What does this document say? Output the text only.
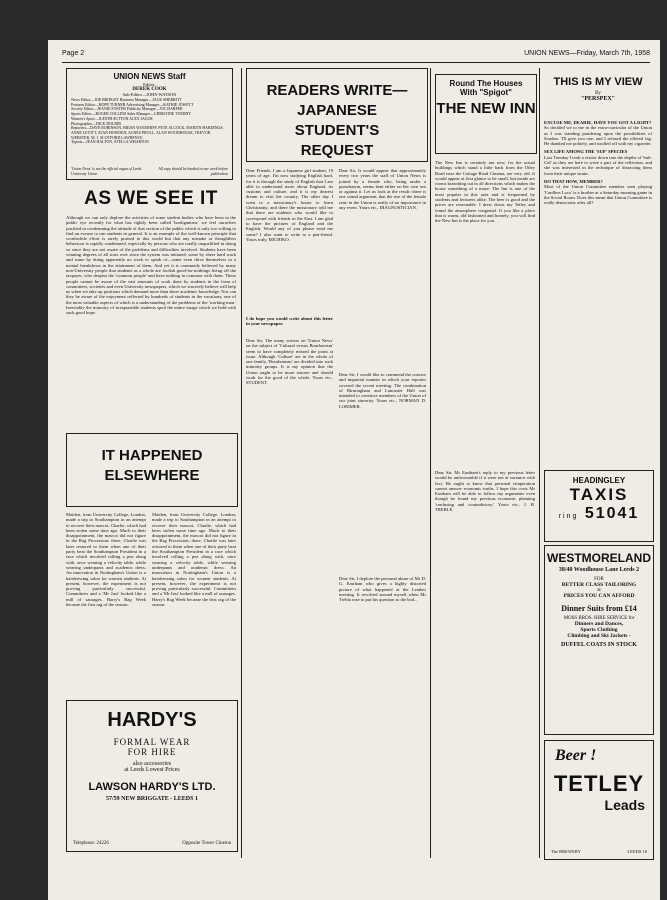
Page 2	UNION NEWS—Friday, March 7th, 1958
UNION NEWS Staff
Editor:
DEREK COOK
Sub-Editor—JOHN WATSON
News Editor—JOE BRIDGET Business Manager—JACK SHERBITT
Features Editor—HOPE TURNER Advertising Manager—KATHIE JOWETT
Society Editor—JEANIE FOSTER Publicity Manager—VIC HARPER
Sports Editor—ROGER COLLINS Sales Manager—CHRISTINE TWIDDY
Women's Sport—JUDITH SUTTON ALEX JAGOE
Photographer—DICK DOLBIB
Reporters—DAVE ROBINSON, BRIAN WOODHIFF, PETE ALCOCK, MARTIN HARDINGS, ANNE LEVITT, JOAN HOWDEN, AGNES PROLL, ALAN WOODHOUSE, TREVOR WEBSTER, M. J. SCOTFORD LAWRENCE.
Typists—JEAN HALTON, STELLA WHARTON
'Union News' is not the official organ of Leeds University Union
All copy should be handed in one week before publication
AS WE SEE IT
Although we can only deplore the activities of some student bodies who have been in the public eye recently for what has rightly been called 'hooliganism,' we feel ourselves justified in condemning the attitude of that section of the public which is only too willing to find an excuse to run students in general. It is an example of the well-known principle that worthwhile effort is rarely praised in this world but that any mistake or thoughtless behaviour is rapidly condemned, especially by persons who are totally unqualified in doing so since they are not aware of the problems and difficulties involved. Students have been winning degrees of all sorts over since the system was initiated; some by sheer hard work and some by doing apparently no work to speak of—some even drive themselves to a mental breakdown in the attainment of them. And yet it is commonly believed by many non-University people that students as a whole are foolish good-for-nothings living off the taxpayer, who despise the 'common people' and have nothing in common with them. These people cannot be aware of the vast amounts of work done by students in the form of committees, societies and even University newspapers, which we sincerely believe will help us when we take up positions which demand more than sheer academic knowledge. Nor can they be aware of the enjoyment reflected by hundreds of students in the vacations; one of the most valuable aspects of which is a understanding of the problems of the 'working man.' Inevitably the minority of irresponsible students spoil the entire image which we hold with such good hope.
IT HAPPENED ELSEWHERE
Maiden, from University College, London, made a trip to Southampton in an attempt to recover their mascot, Charlie, which had been stolen some time ago. Much to their disappointment, the mascot did not figure in the Rag Procession; there, Charlie was later restored to them when one of their party beat the Southampton President in a race which involved rolling a pea along with, once wearing a velocity table, while wearing underpants and academic dress. An innovation in Nottingham's Union is a hairdressing salon for women students. At present, however, the experiment is not proving particularly successful. Committees and a 'Mr Just' looked like a mill of sausages. Harry's Rag Week became the first rag of the season.
Maiden, from University College, London, made a trip to Southampton in an attempt to recover their mascot, Charlie, which had been stolen some time ago. Much to their disappointment, the mascot did not figure in the Rag Procession; there, Charlie was later restored to them when one of their party beat the Southampton President in a race which involved rolling a pea along with, once wearing a velocity table, while wearing underpants and academic dress. An innovation in Nottingham's Union is a hairdressing salon for women students. At present, however, the experiment is not proving particularly successful. Committees and a 'Mr Just' looked like a mill of sausages. Harry's Rag Week became the first rag of the season.
HARDY'S
FORMAL WEAR
FOR HIRE
also accessories
at Leeds Lowest Prices
LAWSON HARDY'S LTD.
57/59 NEW BRIGGATE - LEEDS 1
Telephone: 24226	Opposite Tower Cinema
READERS WRITE— JAPANESE STUDENT'S REQUEST
Dear Friends, I am a Japanese girl student, 19 years of age. I'm now studying English hard, for it is through the study of English that I am able to understand more about England, its customs and culture, and it is my dearest dream to visit the country. The other day I went to a missionary's house to learn Christianity, and there the missionary told me that there are students who would like to correspond with friends in the East. I am glad to have the pictures of England and the English. Would any of you please send me some? I also want to write to a pen-friend. Yours truly, MICHIKO.
I do hope you would write about this letter in your newspaper.
Dear Sir, The many writers on 'Union News' on the subject of 'Cultural versus Bourbonism' seem to have completely missed the point at issue. Although 'Culture' are in the whole of one family, 'Bourbonism' are divided into such minority groups. It is my opinion that the Union ought to be more sincere and should work for the good of the whole. Yours etc., STUDENT.
Dear Sir, It would appear that approximately every two years the staff of Union News is joined by a female who, being under a pseudonym, seems bent either on her own sex or against it. Let us look at the result: there is one sound argument, that the rise of the female ratio in the Union is really of no importance in any event. Yours etc., DIAGNOSTICIAN.
Dear Sir, I would like to commend the concise and impartial manner in which your reporter covered the recent meeting. The combination of Birmingham and Lancaster Hall was intended to convince members of the Union of our joint sincerity. Yours etc., NORMAN D. LORIMER.
Dear Sir, I deplore the personal abuse of Mr D. G. Eastham who gives a highly distorted picture of what happened at the Leather meeting. It revolved around myself when Mr Trebla rose to put his question to the bod...
Round The Houses
With "Spigot"
THE NEW INN
The New Inn is certainly not new, for the actual buildings which stand a little back from the Otley Road near the Cottage Road Cinema, are very old. It would appear at first glance to be small, but inside are rooms branching out in all directions which makes the house something of a maze. The Inn is one of the most popular in this area and is frequented by students and lecturers alike. The beer is good and the prices are reasonable. I drew down my Tetley and found the atmosphere congenial. If you like a place that is warm, old fashioned and homely, you will find the New Inn is the place for you.
Dear Sir, Mr Eastham's reply to my previous letter would be unfavourable if it were not at variance with fact. He ought to know that personal vituperation cannot answer economic truths. I hope this costs Mr Eastham will be able to follow my arguments even though he found my previous economic planning 'confusing and contradictory.' Yours etc., J. H. TREBLE.
THIS IS MY VIEW
By
"PERSPEX"
EXCUSE ME, DEARIE, HAVE YOU GOT A LIGHT?
So decided we to me in the extra-curricular of the Union as I was standing pondering upon the possibilities of Soudan. 'I'll give you one, and I refused the offered fag. He thanked me politely, and strolled off with my cigarette.
SEX LIFE AMONG THE 'SUP' SPECIES
Last Tuesday I took a visitor down into the depths of 'Sub-Cul' as they are here to write a part of the reflection, and she was interested in the technique of dissecting them from their unique strain.
DO THAT HOW, MEMBER?
Most of the Union Committee member seen playing 'Cardless Loco' is a brother at a Saturday morning game in the Social Room. Does this mean that Union Committee is really democratic after all?
HEADINGLEY
TAXIS
ring 51041
WESTMORELAND
38/40 Woodhouse Lane Leeds 2
FOR
BETTER CLASS TAILORING
at
PRICES YOU CAN AFFORD
Dinner Suits from £14
MOSS BROS. HIRE SERVICE for
Dinners and Dances,
Sports Clothing
Climbing and Ski Jackets -
DUFFEL COATS IN STOCK
Beer !
TETLEY
Leads
The BREWERY	LEEDS 10
